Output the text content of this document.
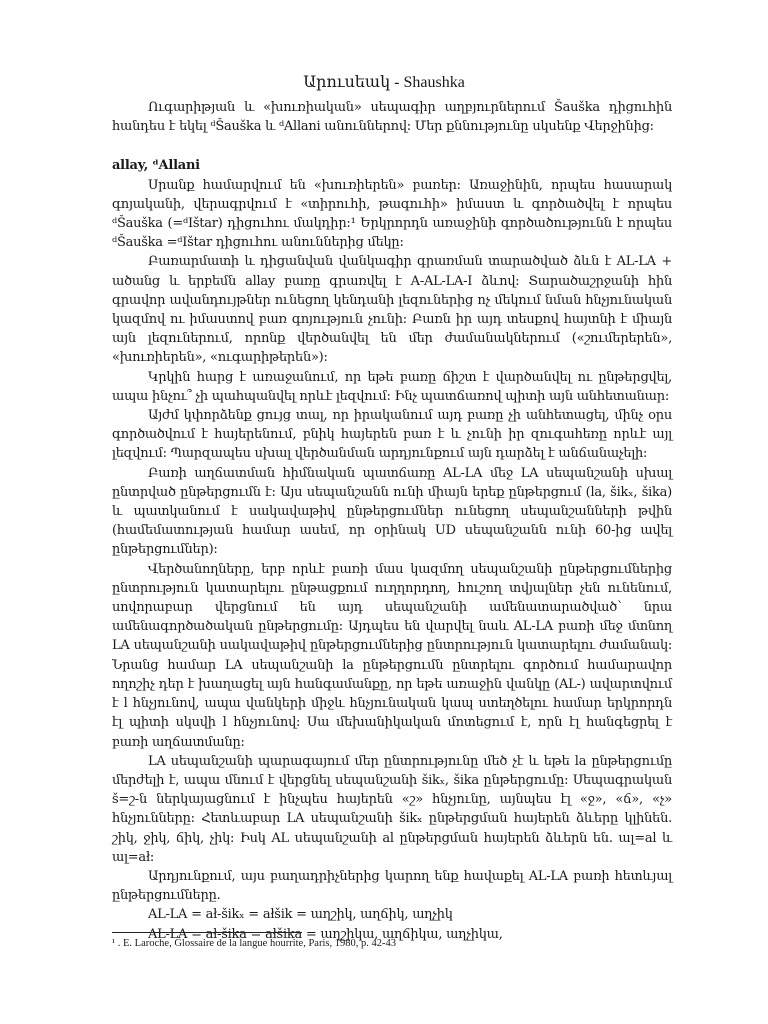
Արուսեակ - Shaushka

Ուգարիթյան և «խուռիական» սեպագիր աղբյուրներում Šauška դիցուհին հանդես է եկել ᵈŠauška և ᵈAllani անուններով: Մեր քննությունը սկսենք Վերջինից:

allay, ᵈAllani

Սրանք համարվում են «խուռիերեն» բառեր: Առաջինին, որպես հասարակ գոյականի, վերագրվում է «տիրուհի, թագուհի» իմաստ և գործածվել է որպես ᵈŠauška (=ᵈIštar) դիցուհու մակդիր:¹ Երկրորդն առաջինի գործածությունն է որպես ᵈŠauška =ᵈIštar դիցուհու անուններից մեկը:

Բառարմատի և դիցանվան վանկագիր գրառման տարածված ձևն է AL-LA + ածանց և երբեմն allay բառը գրառվել է A-AL-LA-I ձևով: Տարածաշրջանի հին գրավոր ավանդույթներ ունեցող կենդանի լեզուներից ոչ մեկում նման հնչյունական կազմով ու իմաստով բառ գոյություն չունի: Բառն իր այդ տեսքով հայտնի է միայն այն լեզուներում, որոնք վերծանվել են մեր ժամանակներում («շումերերեն», «խուռիերեն», «ուգարիթերեն»):

Կրկին հարց է առաջանում, որ եթե բառը ճիշտ է վարծանվել ու ընթերցվել, ապա ինչու՞ չի պահպանվել որևէ լեզվում: Ինչ պատճառով պիտի այն անհետանար:

Այժմ կփորձենք ցույց տալ, որ իրականում այդ բառը չի անհետացել, մինչ օրս գործածվում է հայերենում, բնիկ հայերեն բառ է և չունի իր զուգահեռը որևէ այլ լեզվում: Պարզապես սխալ վերծանման արդյունքում այն դարձել է անճանաչելի:

Բառի աղճատման հիմնական պատճառը AL-LA մեջ LA սեպանշանի սխալ ընտրված ընթերցումն է: Այս սեպանշանն ունի միայն երեք ընթերցում (la, šikₓ, šika) և պատկանում է սակավաթիվ ընթերցումներ ունեցող սեպանշանների թվին (համեմատության համար ասեմ, որ օրինակ UD սեպանշանն ունի 60-ից ավել ընթերցումներ):

Վերծանողները, երբ որևէ բառի մաս կազմող սեպանշանի ընթերցումներից ընտրություն կատարելու ընթացքում ուղղորդող, հուշող տվյալներ չեն ունենում, սովորաբար վերցնում են այդ սեպանշանի ամենատարածված՝ նրա ամենագործածական ընթերցումը: Այդպես են վարվել նաև AL-LA բառի մեջ մտնող LA սեպանշանի սակավաթիվ ընթերցումներից ընտրություն կատարելու ժամանակ: Նրանց համար LA սեպանշանի la ընթերցումն ընտրելու գործում համարավոր ողոշիչ դեր է խաղացել այն հանգամանքը, որ եթե առաջին վանկը (AL-) ավարտվում է l հնչյունով, ապա վանկերի միջև հնչյունական կապ ստեղծելու համար երկրորդն էլ պիտի սկսվի l հնչյունով: Սա մեխանիկական մոտեցում է, որն էլ հանգեցրել է բառի աղճատմանը:

LA սեպանշանի պարագայում մեր ընտրությունը մեծ չէ և եթե la ընթերցումը մերժելի է, ապա մնում է վերցնել սեպանշանի šikₓ, šika ընթերցումը: Սեպագրական š=շ-ն ներկայացնում է ինչպես հայերեն «շ» հնչյունը, այնպես էլ «ջ», «ճ», «չ» հնչյունները: Հետևաբար LA սեպանշանի šikₓ ընթերցման հայերեն ձևերը կլինեն. շիկ, ջիկ, ճիկ, չիկ: Իսկ AL սեպանշանի al ընթերցման հայերեն ձևերն են. ալ=al և ալ=ał:

Արդյունքում, այս բաղադրիչներից կարող ենք հավաքել AL-LA բառի հետևյալ ընթերցումները.

AL-LA = ał-šikₓ = ałšik = աղշիկ, աղճիկ, աղչիկ

AL-LA = ał-šika = ałšika = աղշիկա, աղճիկա, աղչիկա,

¹ . E. Laroche, Glossaire de la langue hourrite, Paris, 1980, p. 42-43
